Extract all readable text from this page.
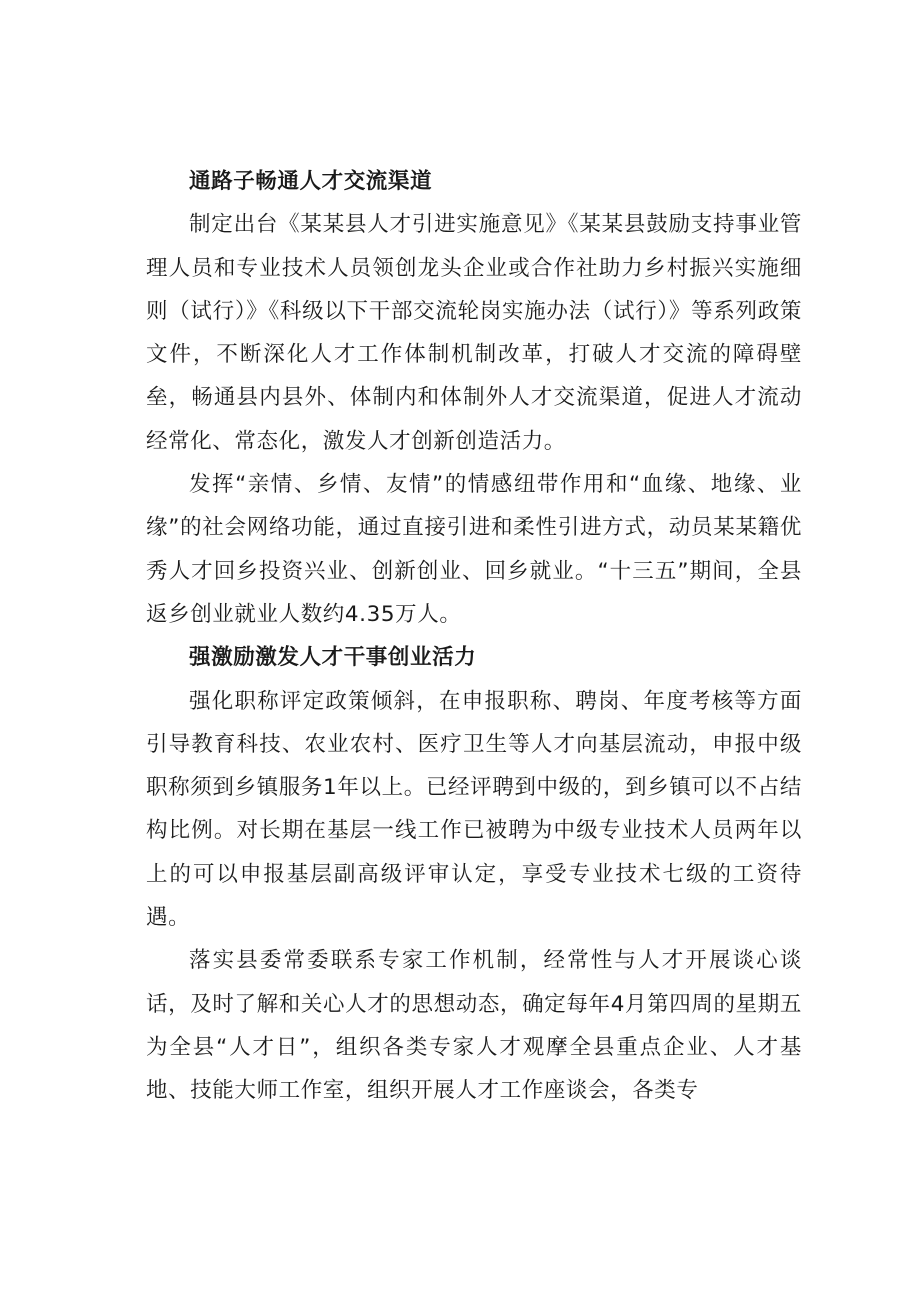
通路子畅通人才交流渠道

制定出台《某某县人才引进实施意见》《某某县鼓励支持事业管理人员和专业技术人员领创龙头企业或合作社助力乡村振兴实施细则（试行）》《科级以下干部交流轮岗实施办法（试行）》等系列政策文件，不断深化人才工作体制机制改革，打破人才交流的障碍壁垒，畅通县内县外、体制内和体制外人才交流渠道，促进人才流动经常化、常态化，激发人才创新创造活力。

发挥“亲情、乡情、友情”的情感纽带作用和“血缘、地缘、业缘”的社会网络功能，通过直接引进和柔性引进方式，动员某某籍优秀人才回乡投资兴业、创新创业、回乡就业。“十三五”期间，全县返乡创业就业人数约4.35万人。

强激励激发人才干事创业活力

强化职称评定政策倾斜，在申报职称、聘岗、年度考核等方面引导教育科技、农业农村、医疗卫生等人才向基层流动，申报中级职称须到乡镇服务1年以上。已经评聘到中级的，到乡镇可以不占结构比例。对长期在基层一线工作已被聘为中级专业技术人员两年以上的可以申报基层副高级评审认定，享受专业技术七级的工资待遇。

落实县委常委联系专家工作机制，经常性与人才开展谈心谈话，及时了解和关心人才的思想动态，确定每年4月第四周的星期五为全县“人才日”，组织各类专家人才观摩全县重点企业、人才基地、技能大师工作室，组织开展人才工作座谈会，各类专
